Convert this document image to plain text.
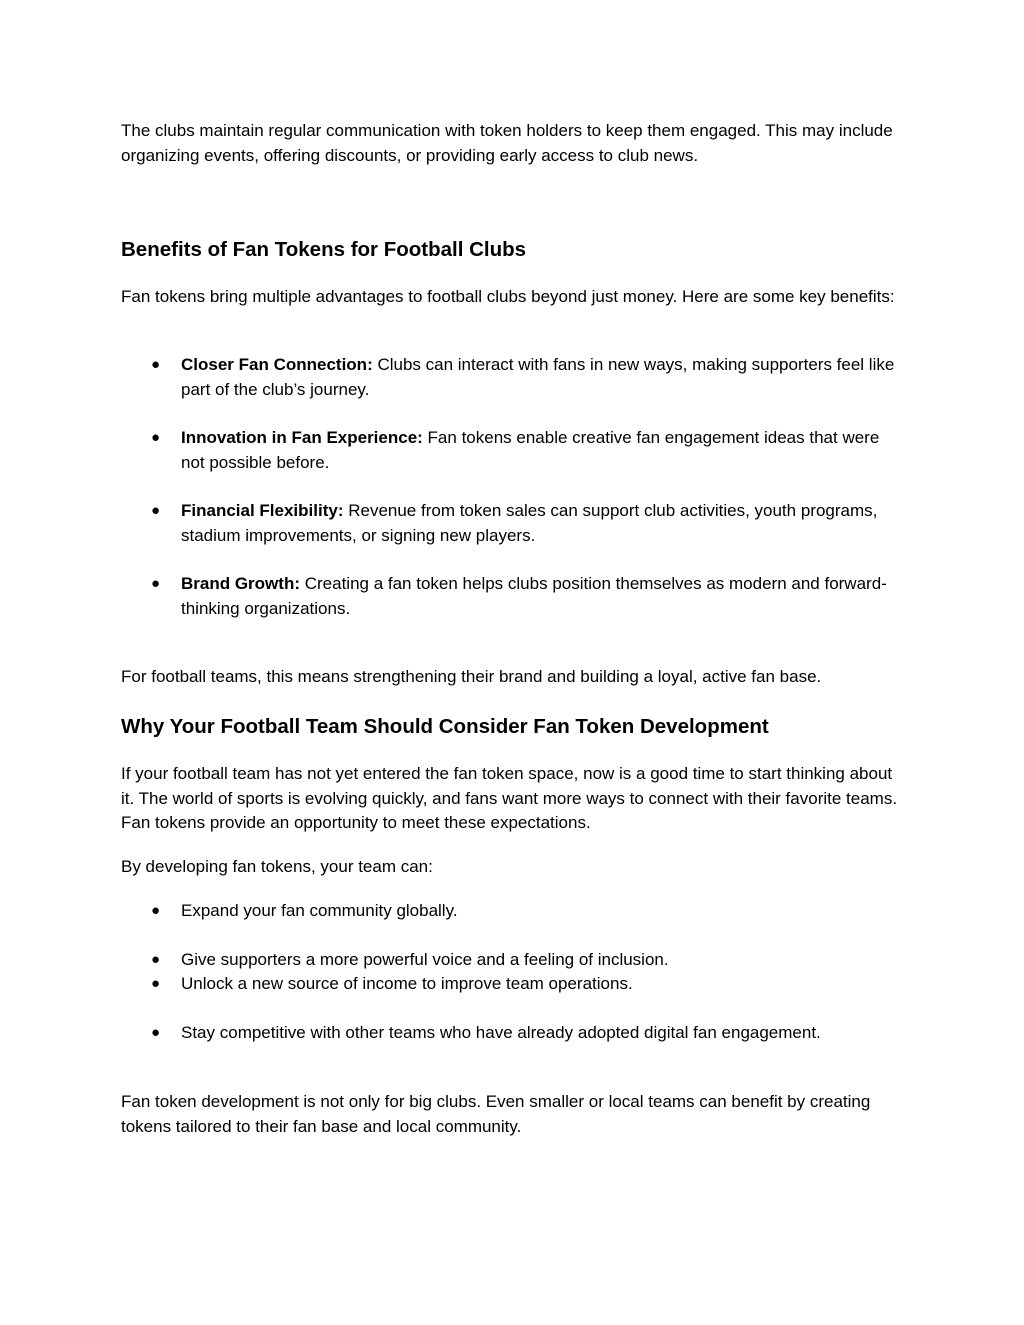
The clubs maintain regular communication with token holders to keep them engaged. This may include organizing events, offering discounts, or providing early access to club news.

Benefits of Fan Tokens for Football Clubs

Fan tokens bring multiple advantages to football clubs beyond just money. Here are some key benefits:

● Closer Fan Connection: Clubs can interact with fans in new ways, making supporters feel like part of the club’s journey.
● Innovation in Fan Experience: Fan tokens enable creative fan engagement ideas that were not possible before.
● Financial Flexibility: Revenue from token sales can support club activities, youth programs, stadium improvements, or signing new players.
● Brand Growth: Creating a fan token helps clubs position themselves as modern and forward-thinking organizations.

For football teams, this means strengthening their brand and building a loyal, active fan base.

Why Your Football Team Should Consider Fan Token Development

If your football team has not yet entered the fan token space, now is a good time to start thinking about it. The world of sports is evolving quickly, and fans want more ways to connect with their favorite teams. Fan tokens provide an opportunity to meet these expectations.

By developing fan tokens, your team can:

● Expand your fan community globally.
● Give supporters a more powerful voice and a feeling of inclusion.
● Unlock a new source of income to improve team operations.
● Stay competitive with other teams who have already adopted digital fan engagement.

Fan token development is not only for big clubs. Even smaller or local teams can benefit by creating tokens tailored to their fan base and local community.
